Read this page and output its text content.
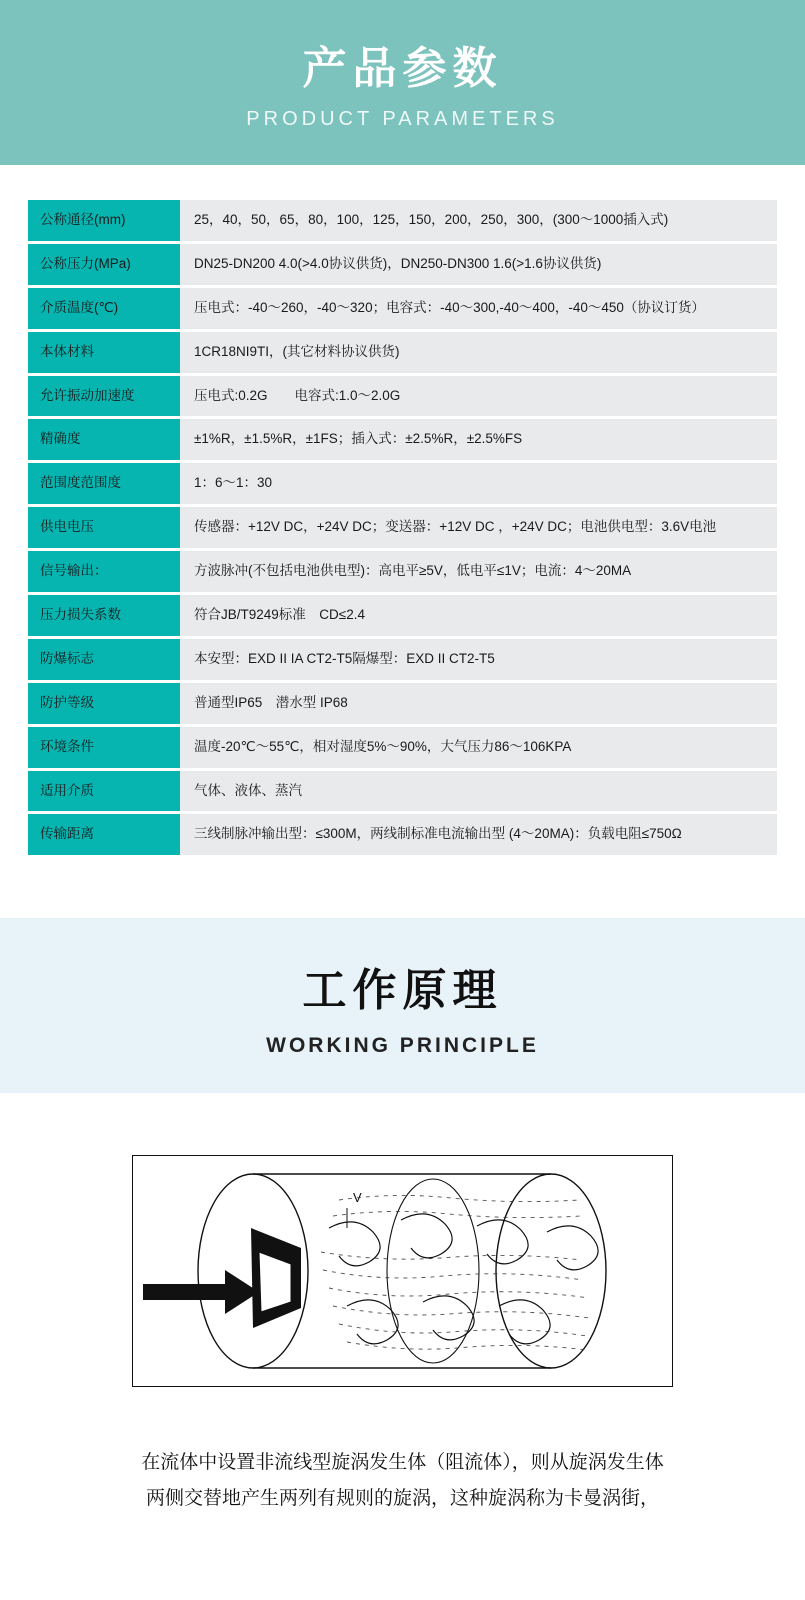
产品参数
PRODUCT PARAMETERS
公称通径(mm)	25，40，50，65，80，100，125，150，200，250，300，(300～1000插入式)
公称压力(MPa)	DN25-DN200 4.0(>4.0协议供货)，DN250-DN300 1.6(>1.6协议供货)
介质温度(℃)	压电式：-40～260，-40～320；电容式：-40～300,-40～400，-40～450（协议订货）
本体材料	1CR18NI9TI，(其它材料协议供货)
允许振动加速度	压电式:0.2G　　电容式:1.0～2.0G
精确度	±1%R，±1.5%R，±1FS；插入式：±2.5%R，±2.5%FS
范围度范围度	1：6～1：30
供电电压	传感器：+12V DC，+24V DC；变送器：+12V DC ，+24V DC；电池供电型：3.6V电池
信号输出：	方波脉冲(不包括电池供电型)：高电平≥5V，低电平≤1V；电流：4～20MA
压力损失系数	符合JB/T9249标准　CD≤2.4
防爆标志	本安型：EXD II IA CT2-T5隔爆型：EXD II CT2-T5
防护等级	普通型IP65　潜水型 IP68
环境条件	温度-20℃～55℃，相对湿度5%～90%，大气压力86～106KPA
适用介质	气体、液体、蒸汽
传输距离	三线制脉冲输出型：≤300M，两线制标准电流输出型 (4～20MA)：负载电阻≤750Ω
工作原理
WORKING PRINCIPLE
V
在流体中设置非流线型旋涡发生体（阻流体），则从旋涡发生体
两侧交替地产生两列有规则的旋涡，这种旋涡称为卡曼涡街，
